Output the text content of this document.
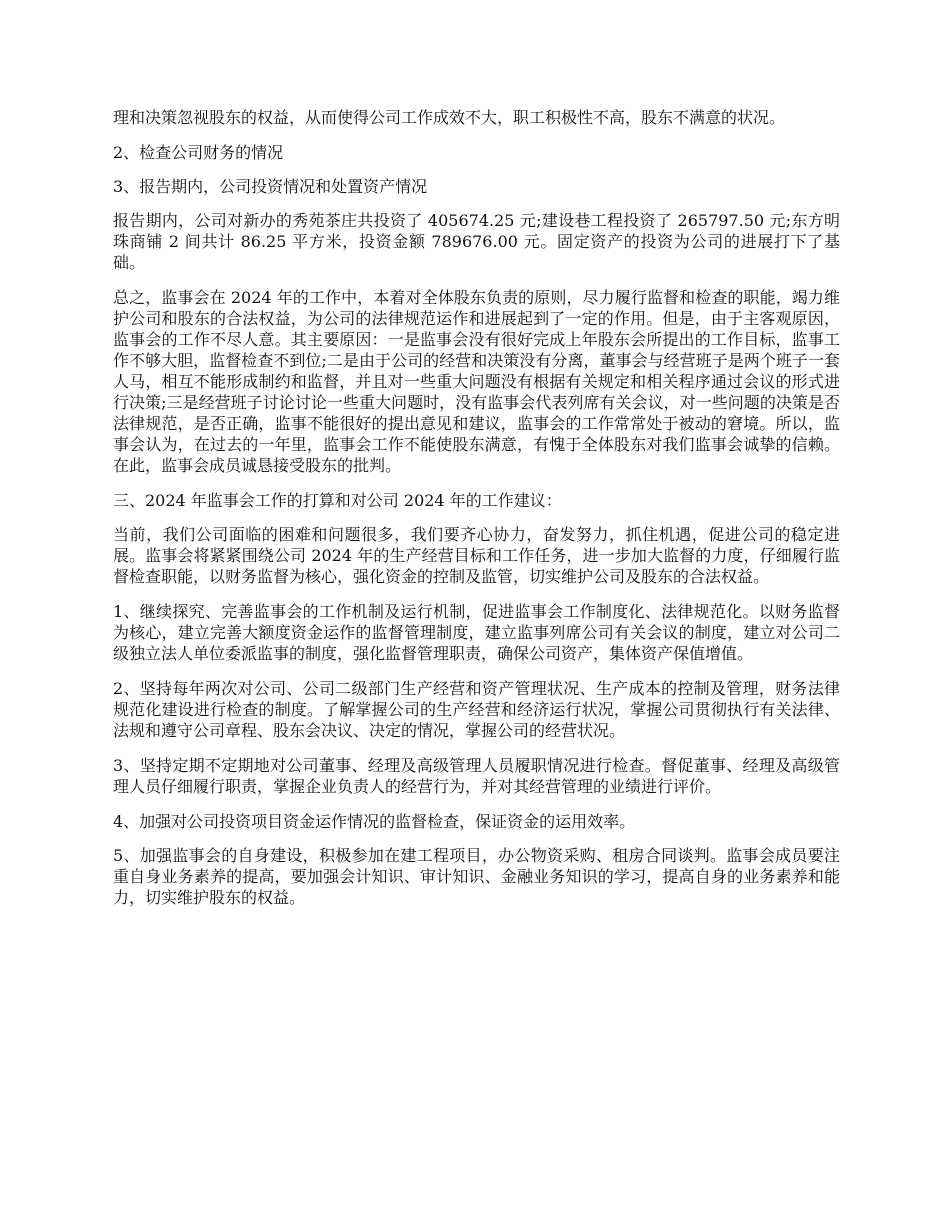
理和决策忽视股东的权益，从而使得公司工作成效不大，职工积极性不高，股东不满意的状况。

2、检查公司财务的情况

3、报告期内，公司投资情况和处置资产情况

报告期内，公司对新办的秀苑茶庄共投资了 405674.25 元;建设巷工程投资了 265797.50 元;东方明珠商铺 2 间共计 86.25 平方米，投资金额 789676.00 元。固定资产的投资为公司的进展打下了基础。

总之，监事会在 2024 年的工作中，本着对全体股东负责的原则，尽力履行监督和检查的职能，竭力维护公司和股东的合法权益，为公司的法律规范运作和进展起到了一定的作用。但是，由于主客观原因，监事会的工作不尽人意。其主要原因：一是监事会没有很好完成上年股东会所提出的工作目标，监事工作不够大胆，监督检查不到位;二是由于公司的经营和决策没有分离，董事会与经营班子是两个班子一套人马，相互不能形成制约和监督，并且对一些重大问题没有根据有关规定和相关程序通过会议的形式进行决策;三是经营班子讨论讨论一些重大问题时，没有监事会代表列席有关会议，对一些问题的决策是否法律规范，是否正确，监事不能很好的提出意见和建议，监事会的工作常常处于被动的窘境。所以，监事会认为，在过去的一年里，监事会工作不能使股东满意，有愧于全体股东对我们监事会诚挚的信赖。在此，监事会成员诚恳接受股东的批判。

三、2024 年监事会工作的打算和对公司 2024 年的工作建议：

当前，我们公司面临的困难和问题很多，我们要齐心协力，奋发努力，抓住机遇，促进公司的稳定进展。监事会将紧紧围绕公司 2024 年的生产经营目标和工作任务，进一步加大监督的力度，仔细履行监督检查职能，以财务监督为核心，强化资金的控制及监管，切实维护公司及股东的合法权益。

1、继续探究、完善监事会的工作机制及运行机制，促进监事会工作制度化、法律规范化。以财务监督为核心，建立完善大额度资金运作的监督管理制度，建立监事列席公司有关会议的制度，建立对公司二级独立法人单位委派监事的制度，强化监督管理职责，确保公司资产，集体资产保值增值。

2、坚持每年两次对公司、公司二级部门生产经营和资产管理状况、生产成本的控制及管理，财务法律规范化建设进行检查的制度。了解掌握公司的生产经营和经济运行状况，掌握公司贯彻执行有关法律、法规和遵守公司章程、股东会决议、决定的情况，掌握公司的经营状况。

3、坚持定期不定期地对公司董事、经理及高级管理人员履职情况进行检查。督促董事、经理及高级管理人员仔细履行职责，掌握企业负责人的经营行为，并对其经营管理的业绩进行评价。

4、加强对公司投资项目资金运作情况的监督检查，保证资金的运用效率。

5、加强监事会的自身建设，积极参加在建工程项目，办公物资采购、租房合同谈判。监事会成员要注重自身业务素养的提高，要加强会计知识、审计知识、金融业务知识的学习，提高自身的业务素养和能力，切实维护股东的权益。
